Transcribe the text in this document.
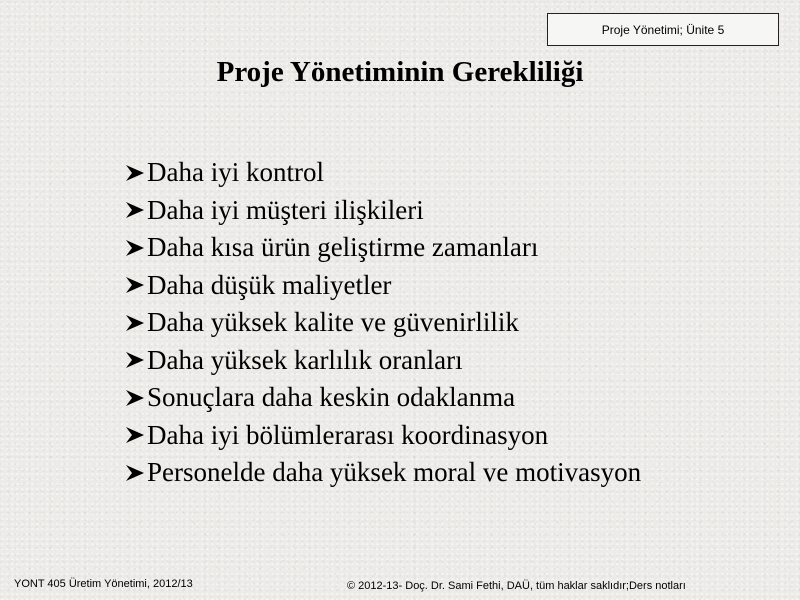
Proje Yönetimi; Ünite 5
Proje Yönetiminin Gerekliliği
Daha iyi kontrol
Daha iyi müşteri ilişkileri
Daha kısa ürün geliştirme zamanları
Daha düşük maliyetler
Daha yüksek kalite ve güvenirlilik
Daha yüksek karlılık oranları
Sonuçlara daha keskin odaklanma
Daha iyi bölümlerarası koordinasyon
Personelde daha yüksek moral ve motivasyon
YONT 405 Üretim Yönetimi, 2012/13	© 2012-13- Doç. Dr. Sami Fethi, DAÜ, tüm haklar saklıdır;Ders notları
